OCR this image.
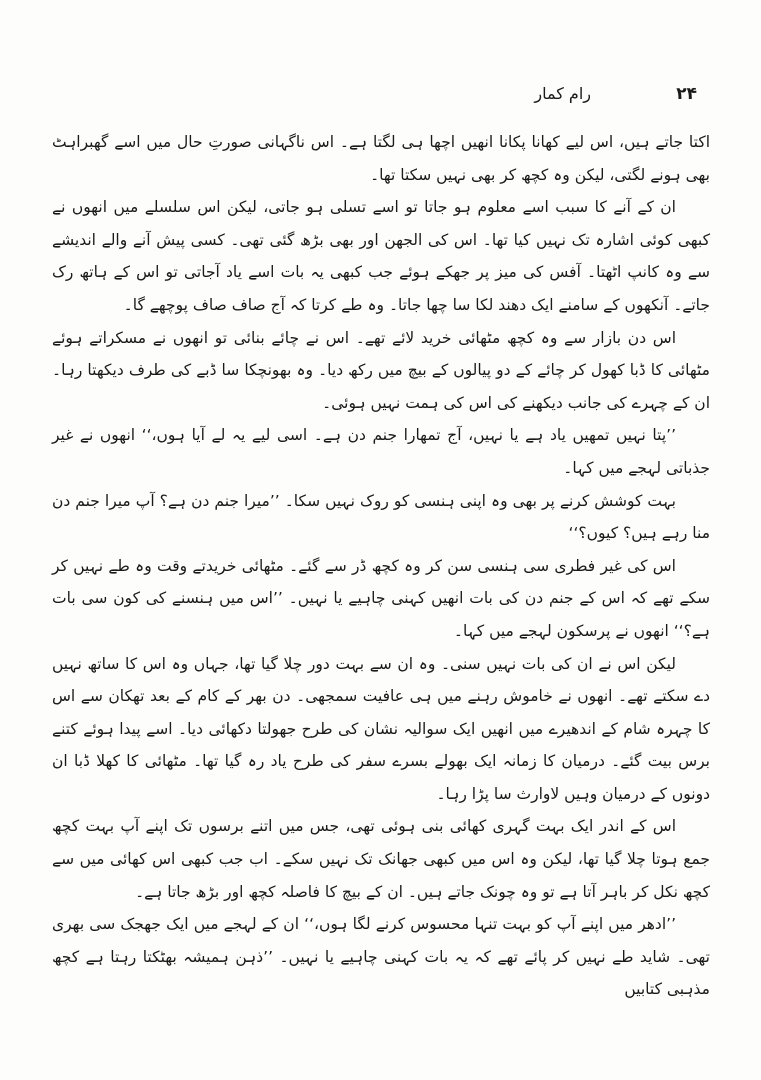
۲۴
رام کمار

اکتا جاتے ہیں، اس لیے کھانا پکانا انھیں اچھا ہی لگتا ہے۔ اس ناگہانی صورتِ حال میں اسے گھبراہٹ بھی ہونے لگتی، لیکن وہ کچھ کر بھی نہیں سکتا تھا۔

ان کے آنے کا سبب اسے معلوم ہو جاتا تو اسے تسلی ہو جاتی، لیکن اس سلسلے میں انھوں نے کبھی کوئی اشارہ تک نہیں کیا تھا۔ اس کی الجھن اور بھی بڑھ گئی تھی۔ کسی پیش آنے والے اندیشے سے وہ کانپ اٹھتا۔ آفس کی میز پر جھکے ہوئے جب کبھی یہ بات اسے یاد آجاتی تو اس کے ہاتھ رک جاتے۔ آنکھوں کے سامنے ایک دھند لکا سا چھا جاتا۔ وہ طے کرتا کہ آج صاف صاف پوچھے گا۔

اس دن بازار سے وہ کچھ مٹھائی خرید لائے تھے۔ اس نے چائے بنائی تو انھوں نے مسکراتے ہوئے مٹھائی کا ڈبا کھول کر چائے کے دو پیالوں کے بیچ میں رکھ دیا۔ وہ بھونچکا سا ڈبے کی طرف دیکھتا رہا۔ ان کے چہرے کی جانب دیکھنے کی اس کی ہمت نہیں ہوئی۔

’’پتا نہیں تمھیں یاد ہے یا نہیں، آج تمھارا جنم دن ہے۔ اسی لیے یہ لے آیا ہوں،‘‘ انھوں نے غیر جذباتی لہجے میں کہا۔

بہت کوشش کرنے پر بھی وہ اپنی ہنسی کو روک نہیں سکا۔ ’’میرا جنم دن ہے؟ آپ میرا جنم دن منا رہے ہیں؟ کیوں؟‘‘

اس کی غیر فطری سی ہنسی سن کر وہ کچھ ڈر سے گئے۔ مٹھائی خریدتے وقت وہ طے نہیں کر سکے تھے کہ اس کے جنم دن کی بات انھیں کہنی چاہیے یا نہیں۔ ’’اس میں ہنسنے کی کون سی بات ہے؟‘‘ انھوں نے پرسکون لہجے میں کہا۔

لیکن اس نے ان کی بات نہیں سنی۔ وہ ان سے بہت دور چلا گیا تھا، جہاں وہ اس کا ساتھ نہیں دے سکتے تھے۔ انھوں نے خاموش رہنے میں ہی عافیت سمجھی۔ دن بھر کے کام کے بعد تھکان سے اس کا چہرہ شام کے اندھیرے میں انھیں ایک سوالیہ نشان کی طرح جھولتا دکھائی دیا۔ اسے پیدا ہوئے کتنے برس بیت گئے۔ درمیان کا زمانہ ایک بھولے بسرے سفر کی طرح یاد رہ گیا تھا۔ مٹھائی کا کھلا ڈبا ان دونوں کے درمیان وہیں لاوارث سا پڑا رہا۔

اس کے اندر ایک بہت گہری کھائی بنی ہوئی تھی، جس میں اتنے برسوں تک اپنے آپ بہت کچھ جمع ہوتا چلا گیا تھا، لیکن وہ اس میں کبھی جھانک تک نہیں سکے۔ اب جب کبھی اس کھائی میں سے کچھ نکل کر باہر آتا ہے تو وہ چونک جاتے ہیں۔ ان کے بیچ کا فاصلہ کچھ اور بڑھ جاتا ہے۔

’’ادھر میں اپنے آپ کو بہت تنہا محسوس کرنے لگا ہوں،‘‘ ان کے لہجے میں ایک جھجک سی بھری تھی۔ شاید طے نہیں کر پائے تھے کہ یہ بات کہنی چاہیے یا نہیں۔ ’’ذہن ہمیشہ بھٹکتا رہتا ہے کچھ مذہبی کتابیں
